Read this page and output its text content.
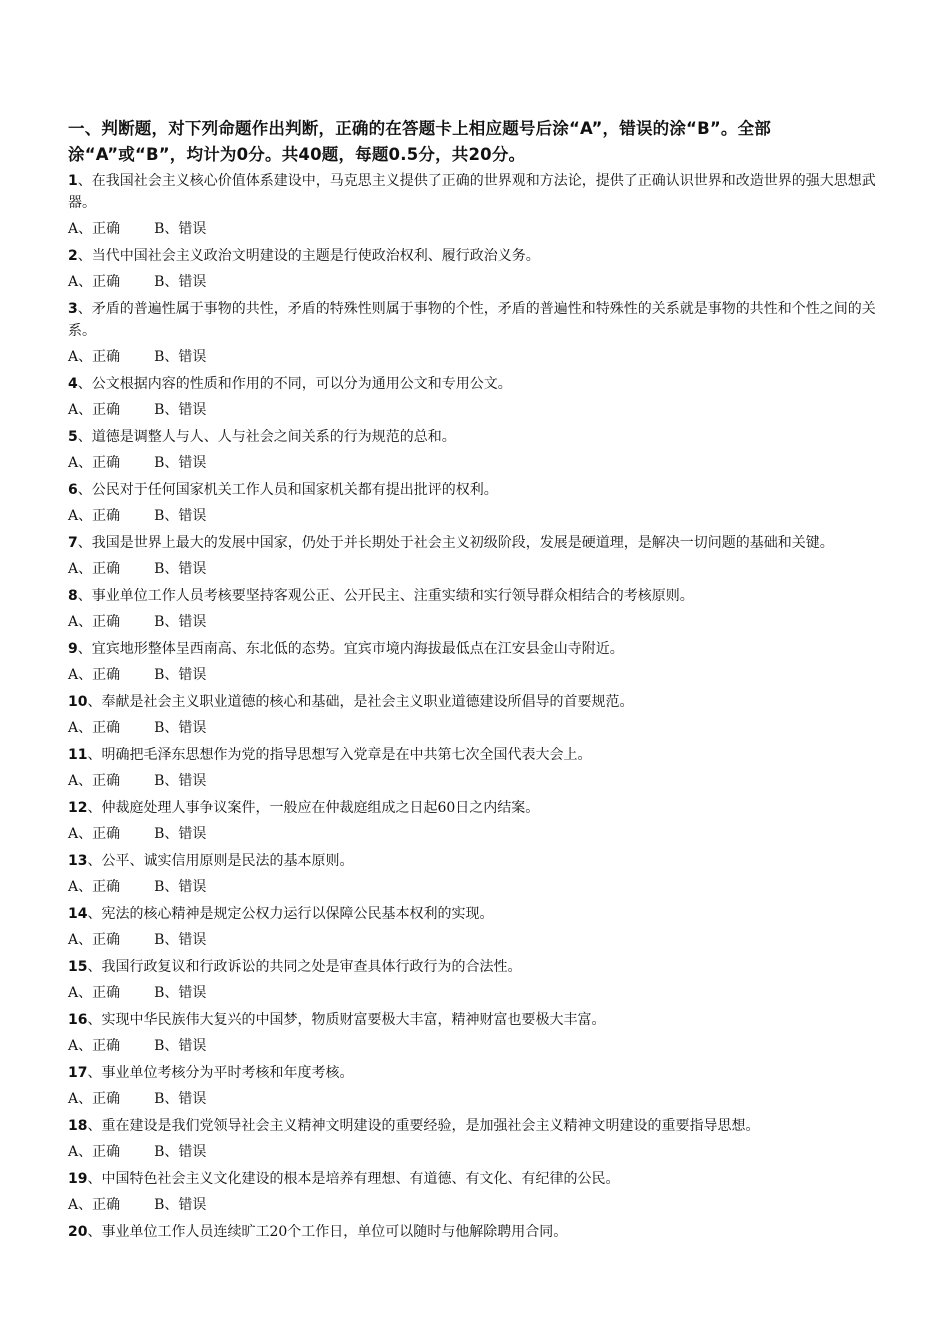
一、判断题，对下列命题作出判断，正确的在答题卡上相应题号后涂“A”，错误的涂“B”。全部涂“A”或“B”，均计为0分。共40题，每题0.5分，共20分。

1、在我国社会主义核心价值体系建设中，马克思主义提供了正确的世界观和方法论，提供了正确认识世界和改造世界的强大思想武器。

A、正确 B、错误

2、当代中国社会主义政治文明建设的主题是行使政治权利、履行政治义务。

A、正确 B、错误

3、矛盾的普遍性属于事物的共性，矛盾的特殊性则属于事物的个性，矛盾的普遍性和特殊性的关系就是事物的共性和个性之间的关系。

A、正确 B、错误

4、公文根据内容的性质和作用的不同，可以分为通用公文和专用公文。

A、正确 B、错误

5、道德是调整人与人、人与社会之间关系的行为规范的总和。

A、正确 B、错误

6、公民对于任何国家机关工作人员和国家机关都有提出批评的权利。

A、正确 B、错误

7、我国是世界上最大的发展中国家，仍处于并长期处于社会主义初级阶段，发展是硬道理，是解决一切问题的基础和关键。

A、正确 B、错误

8、事业单位工作人员考核要坚持客观公正、公开民主、注重实绩和实行领导群众相结合的考核原则。

A、正确 B、错误

9、宜宾地形整体呈西南高、东北低的态势。宜宾市境内海拔最低点在江安县金山寺附近。

A、正确 B、错误

10、奉献是社会主义职业道德的核心和基础，是社会主义职业道德建设所倡导的首要规范。

A、正确 B、错误

11、明确把毛泽东思想作为党的指导思想写入党章是在中共第七次全国代表大会上。

A、正确 B、错误

12、仲裁庭处理人事争议案件，一般应在仲裁庭组成之日起60日之内结案。

A、正确 B、错误

13、公平、诚实信用原则是民法的基本原则。

A、正确 B、错误

14、宪法的核心精神是规定公权力运行以保障公民基本权利的实现。

A、正确 B、错误

15、我国行政复议和行政诉讼的共同之处是审查具体行政行为的合法性。

A、正确 B、错误

16、实现中华民族伟大复兴的中国梦，物质财富要极大丰富，精神财富也要极大丰富。

A、正确 B、错误

17、事业单位考核分为平时考核和年度考核。

A、正确 B、错误

18、重在建设是我们党领导社会主义精神文明建设的重要经验，是加强社会主义精神文明建设的重要指导思想。

A、正确 B、错误

19、中国特色社会主义文化建设的根本是培养有理想、有道德、有文化、有纪律的公民。

A、正确 B、错误

20、事业单位工作人员连续旷工20个工作日，单位可以随时与他解除聘用合同。
